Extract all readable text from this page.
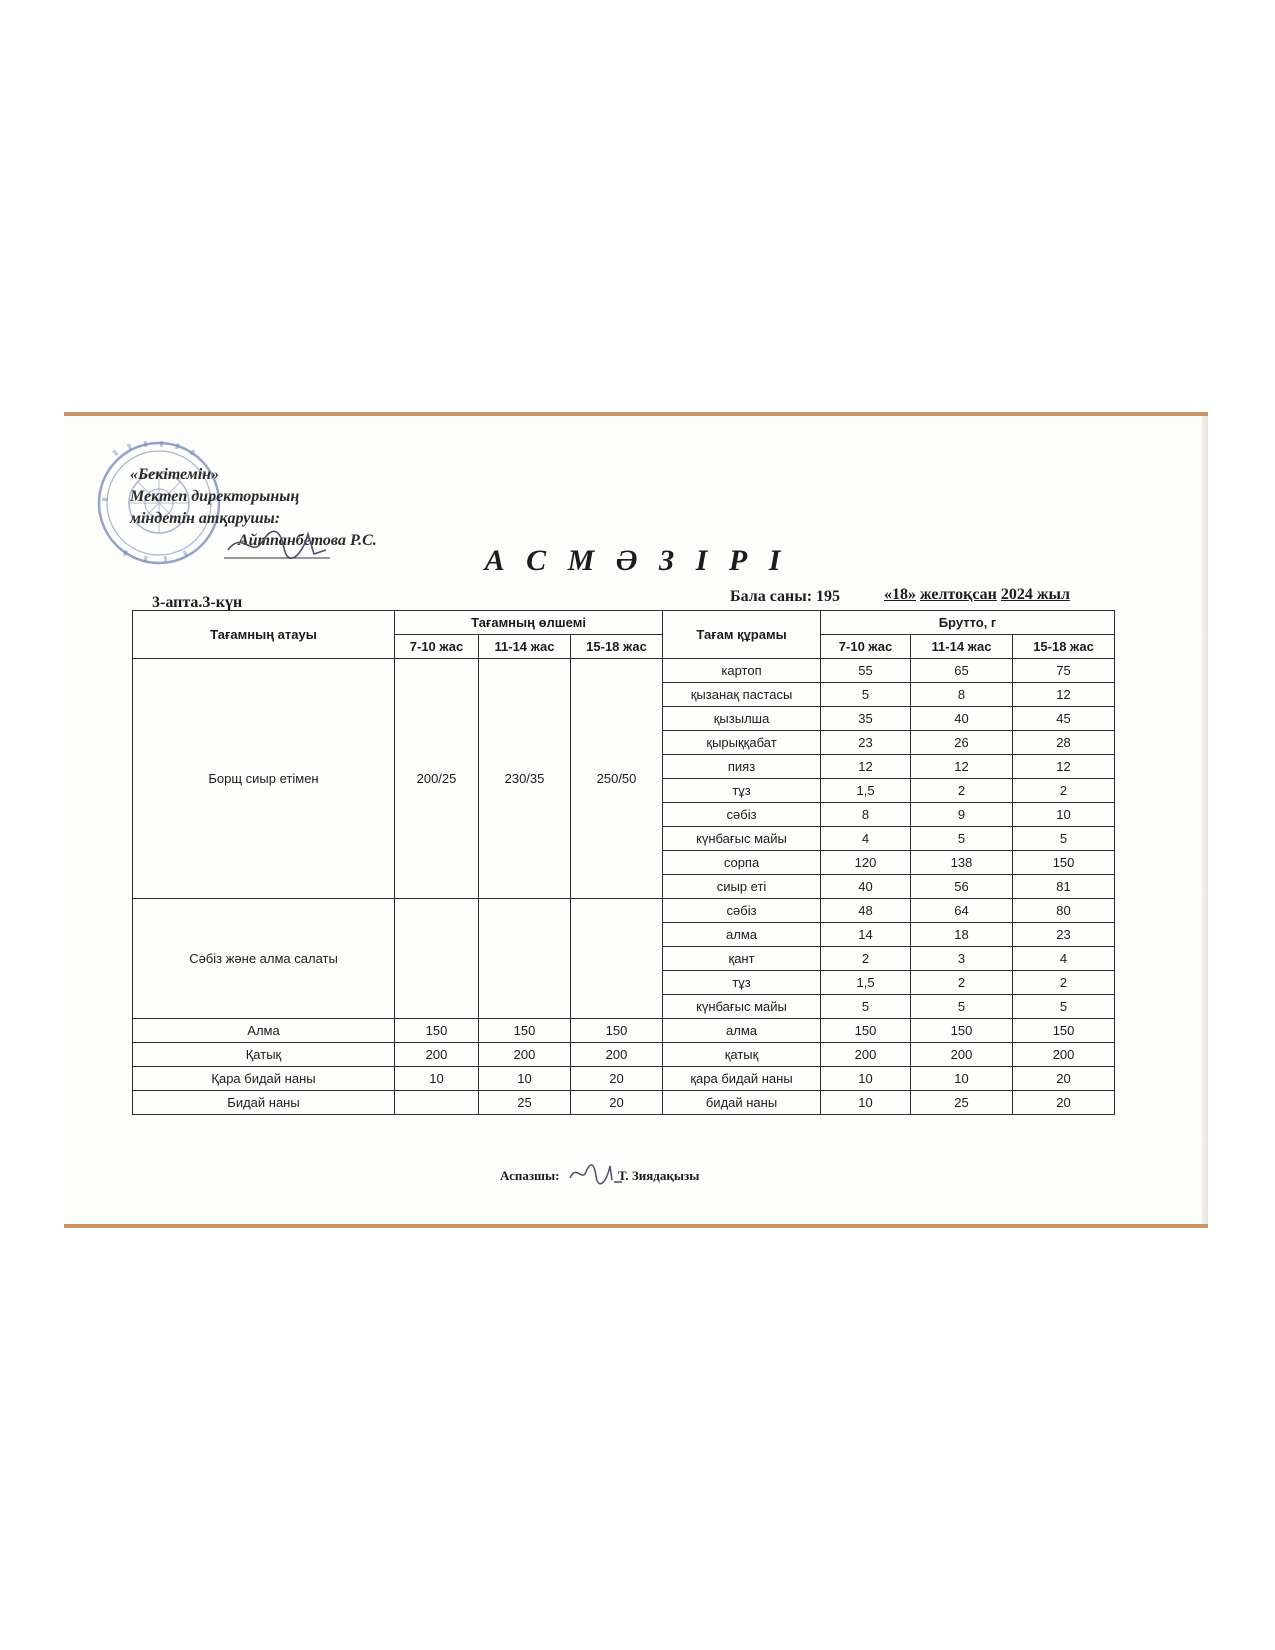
«Бекітемін»
Мектеп директорының
міндетін атқарушы:
Айтпанбетова Р.С.
А С М Ә З І Р І
3-апта.3-күн	Бала саны: 195	«18» желтоқсан 2024 жыл
Тағамның атауы	Тағамның өлшемі			Тағам құрамы	Брутто, г		
	7-10 жас	11-14 жас	15-18 жас		7-10 жас	11-14 жас	15-18 жас
Борщ сиыр етімен	200/25	230/35	250/50	картоп	55	65	75
				қызанақ пастасы	5	8	12
				қызылша	35	40	45
				қырыққабат	23	26	28
				пияз	12	12	12
				тұз	1,5	2	2
				сәбіз	8	9	10
				күнбағыс майы	4	5	5
				сорпа	120	138	150
				сиыр еті	40	56	81
Сәбіз және алма салаты				сәбіз	48	64	80
				алма	14	18	23
				қант	2	3	4
				тұз	1,5	2	2
				күнбағыс майы	5	5	5
Алма	150	150	150	алма	150	150	150
Қатық	200	200	200	қатық	200	200	200
Қара бидай наны	10	10	20	қара бидай наны	10	10	20
Бидай наны		25	20	бидай наны	10	25	20
Аспазшы:	Т. Зиядақызы
